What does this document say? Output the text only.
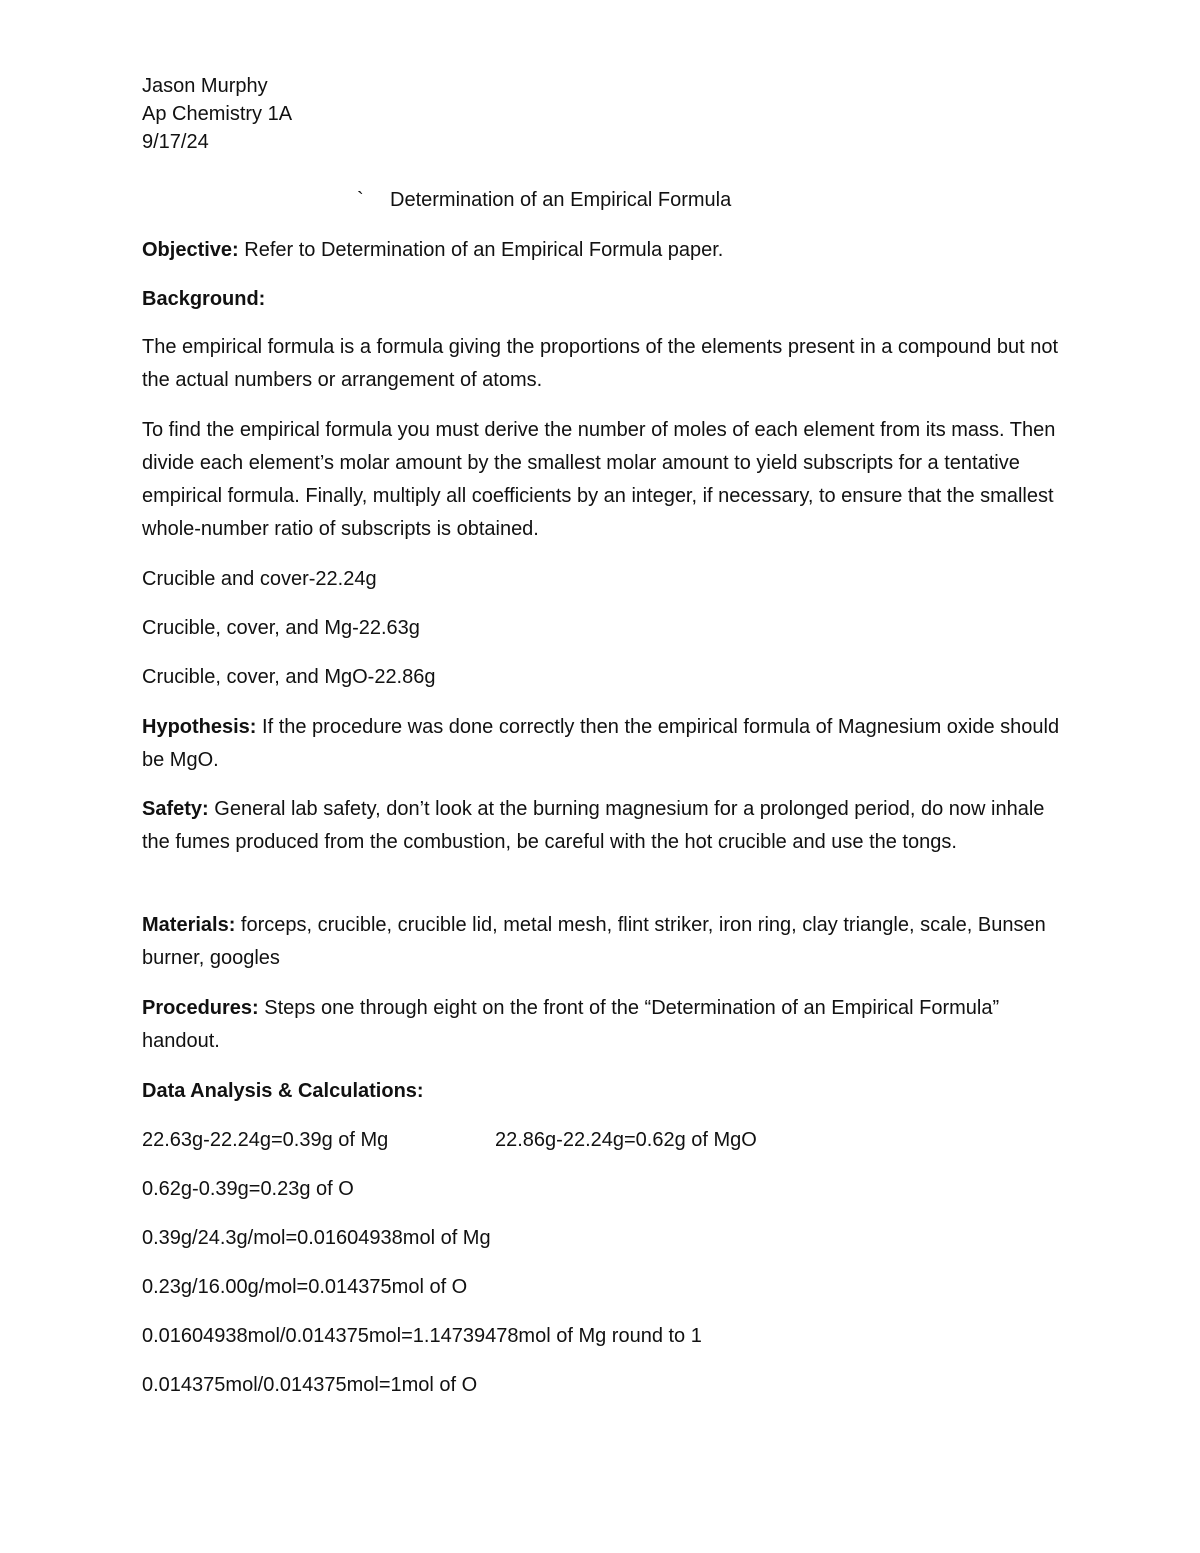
Jason Murphy
Ap Chemistry 1A
9/17/24
` Determination of an Empirical Formula
Objective: Refer to Determination of an Empirical Formula paper.
Background:
The empirical formula is a formula giving the proportions of the elements present in a compound but not the actual numbers or arrangement of atoms.
To find the empirical formula you must derive the number of moles of each element from its mass. Then divide each element’s molar amount by the smallest molar amount to yield subscripts for a tentative empirical formula. Finally, multiply all coefficients by an integer, if necessary, to ensure that the smallest whole-number ratio of subscripts is obtained.
Crucible and cover-22.24g
Crucible, cover, and Mg-22.63g
Crucible, cover, and MgO-22.86g
Hypothesis: If the procedure was done correctly then the empirical formula of Magnesium oxide should be MgO.
Safety: General lab safety, don’t look at the burning magnesium for a prolonged period, do now inhale the fumes produced from the combustion, be careful with the hot crucible and use the tongs.
Materials: forceps, crucible, crucible lid, metal mesh, flint striker, iron ring, clay triangle, scale, Bunsen burner, googles
Procedures: Steps one through eight on the front of the “Determination of an Empirical Formula” handout.
Data Analysis & Calculations:
22.63g-22.24g=0.39g of Mg	22.86g-22.24g=0.62g of MgO
0.62g-0.39g=0.23g of O
0.39g/24.3g/mol=0.01604938mol of Mg
0.23g/16.00g/mol=0.014375mol of O
0.01604938mol/0.014375mol=1.14739478mol of Mg round to 1
0.014375mol/0.014375mol=1mol of O
